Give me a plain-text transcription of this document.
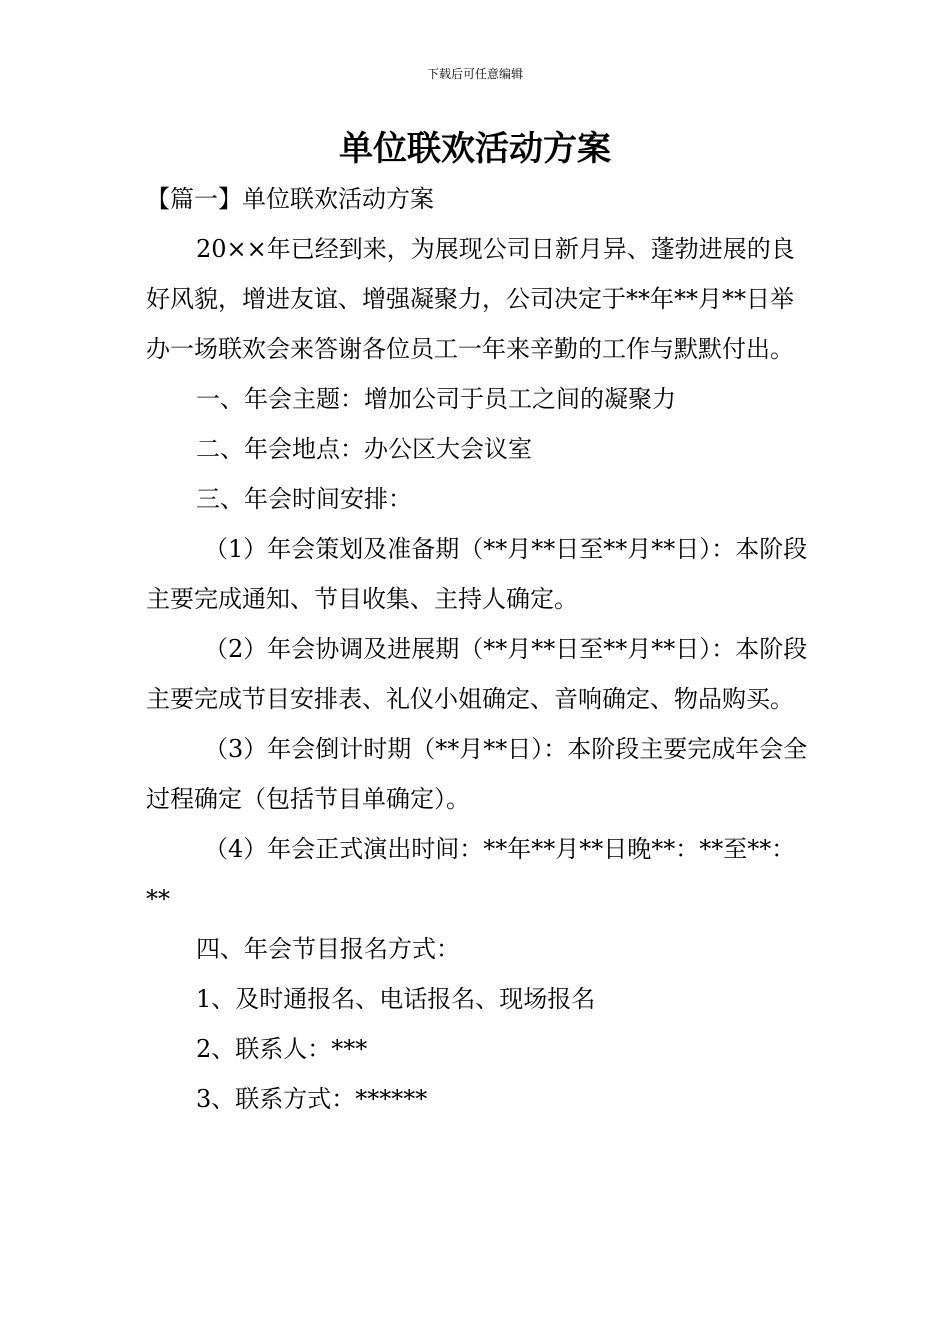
下载后可任意编辑
单位联欢活动方案

【篇一】单位联欢活动方案

20××年已经到来，为展现公司日新月异、蓬勃进展的良好风貌，增进友谊、增强凝聚力，公司决定于**年**月**日举办一场联欢会来答谢各位员工一年来辛勤的工作与默默付出。

一、年会主题：增加公司于员工之间的凝聚力

二、年会地点：办公区大会议室

三、年会时间安排：

（1）年会策划及准备期（**月**日至**月**日）：本阶段主要完成通知、节目收集、主持人确定。

（2）年会协调及进展期（**月**日至**月**日）：本阶段主要完成节目安排表、礼仪小姐确定、音响确定、物品购买。

（3）年会倒计时期（**月**日）：本阶段主要完成年会全过程确定（包括节目单确定）。

（4）年会正式演出时间：**年**月**日晚**：**至**：**

四、年会节目报名方式：

1、及时通报名、电话报名、现场报名

2、联系人：***

3、联系方式：******
